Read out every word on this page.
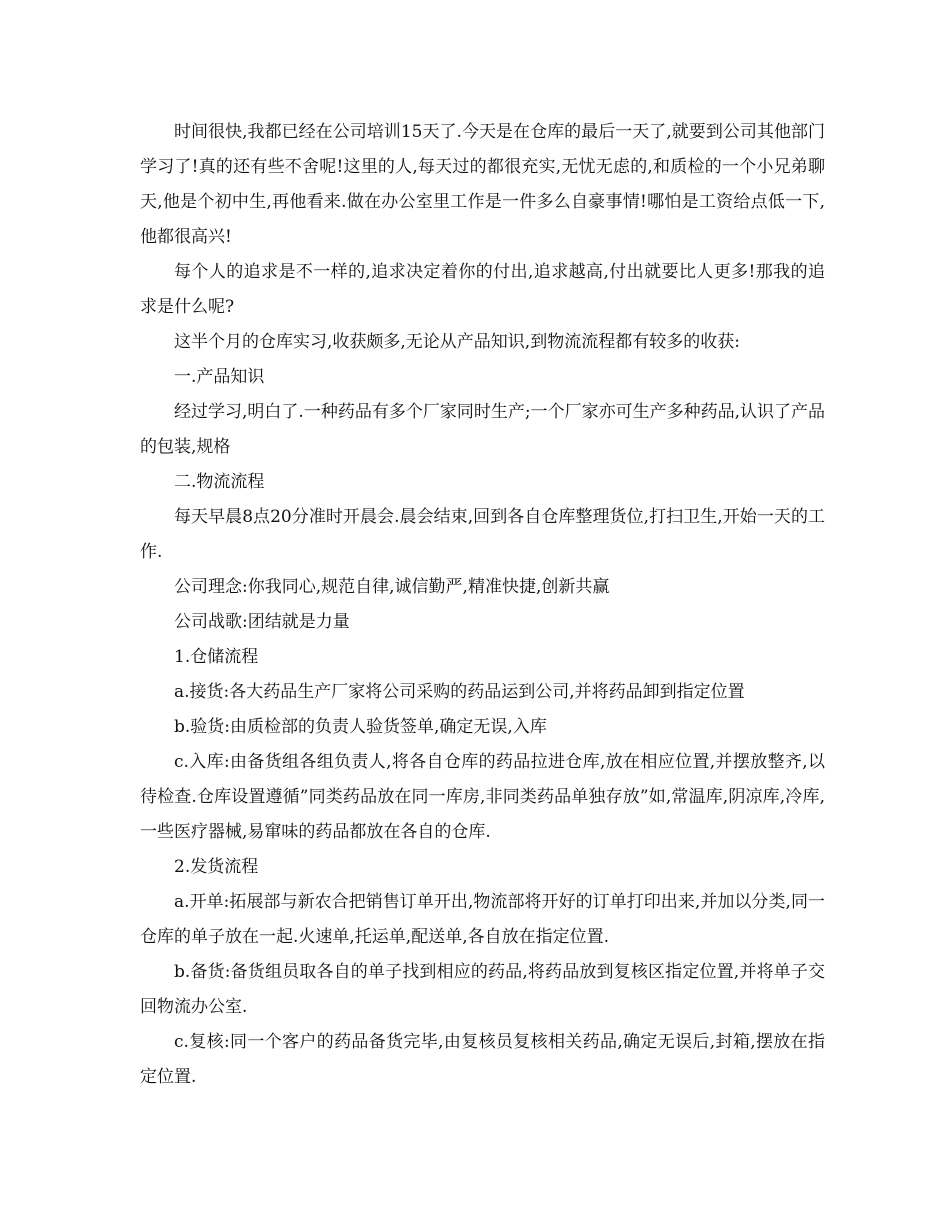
时间很快,我都已经在公司培训15天了.今天是在仓库的最后一天了,就要到公司其他部门学习了!真的还有些不舍呢!这里的人,每天过的都很充实,无忧无虑的,和质检的一个小兄弟聊天,他是个初中生,再他看来.做在办公室里工作是一件多么自豪事情!哪怕是工资给点低一下,他都很高兴!

每个人的追求是不一样的,追求决定着你的付出,追求越高,付出就要比人更多!那我的追求是什么呢?

这半个月的仓库实习,收获颇多,无论从产品知识,到物流流程都有较多的收获:

一.产品知识

经过学习,明白了.一种药品有多个厂家同时生产;一个厂家亦可生产多种药品,认识了产品的包装,规格

二.物流流程

每天早晨8点20分准时开晨会.晨会结束,回到各自仓库整理货位,打扫卫生,开始一天的工作.

公司理念:你我同心,规范自律,诚信勤严,精准快捷,创新共赢

公司战歌:团结就是力量

1.仓储流程

a.接货:各大药品生产厂家将公司采购的药品运到公司,并将药品卸到指定位置

b.验货:由质检部的负责人验货签单,确定无误,入库

c.入库:由备货组各组负责人,将各自仓库的药品拉进仓库,放在相应位置,并摆放整齐,以待检查.仓库设置遵循”同类药品放在同一库房,非同类药品单独存放”如,常温库,阴凉库,冷库,一些医疗器械,易窜味的药品都放在各自的仓库.

2.发货流程

a.开单:拓展部与新农合把销售订单开出,物流部将开好的订单打印出来,并加以分类,同一仓库的单子放在一起.火速单,托运单,配送单,各自放在指定位置.

b.备货:备货组员取各自的单子找到相应的药品,将药品放到复核区指定位置,并将单子交回物流办公室.

c.复核:同一个客户的药品备货完毕,由复核员复核相关药品,确定无误后,封箱,摆放在指定位置.
